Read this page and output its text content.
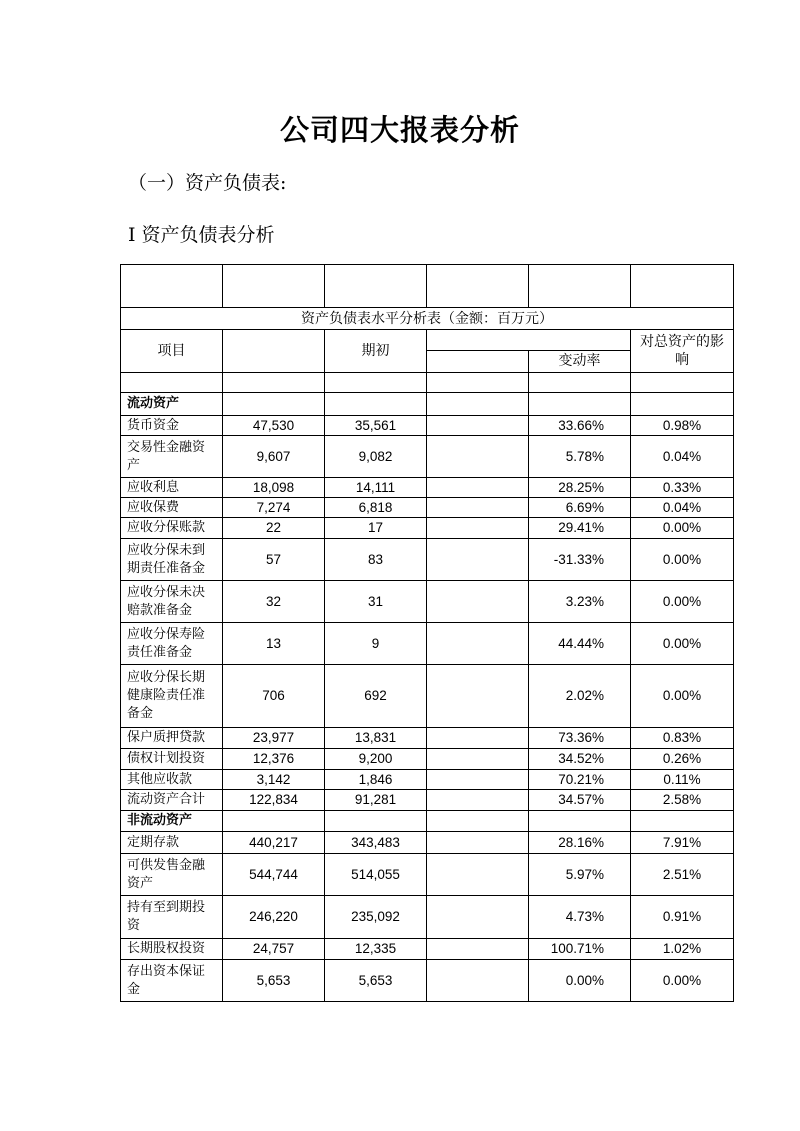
公司四大报表分析
（一）资产负债表:
I 资产负债表分析

资产负债表水平分析表（金额：百万元）					
项目		期初			对总资产的影响
				变动率	

流动资产					
货币资金	47,530	35,561		33.66%	0.98%
交易性金融资产	9,607	9,082		5.78%	0.04%
应收利息	18,098	14,111		28.25%	0.33%
应收保费	7,274	6,818		6.69%	0.04%
应收分保账款	22	17		29.41%	0.00%
应收分保未到期责任准备金	57	83		-31.33%	0.00%
应收分保未决赔款准备金	32	31		3.23%	0.00%
应收分保寿险责任准备金	13	9		44.44%	0.00%
应收分保长期健康险责任准备金	706	692		2.02%	0.00%
保户质押贷款	23,977	13,831		73.36%	0.83%
债权计划投资	12,376	9,200		34.52%	0.26%
其他应收款	3,142	1,846		70.21%	0.11%
流动资产合计	122,834	91,281		34.57%	2.58%
非流动资产					
定期存款	440,217	343,483		28.16%	7.91%
可供发售金融资产	544,744	514,055		5.97%	2.51%
持有至到期投资	246,220	235,092		4.73%	0.91%
长期股权投资	24,757	12,335		100.71%	1.02%
存出资本保证金	5,653	5,653		0.00%	0.00%
